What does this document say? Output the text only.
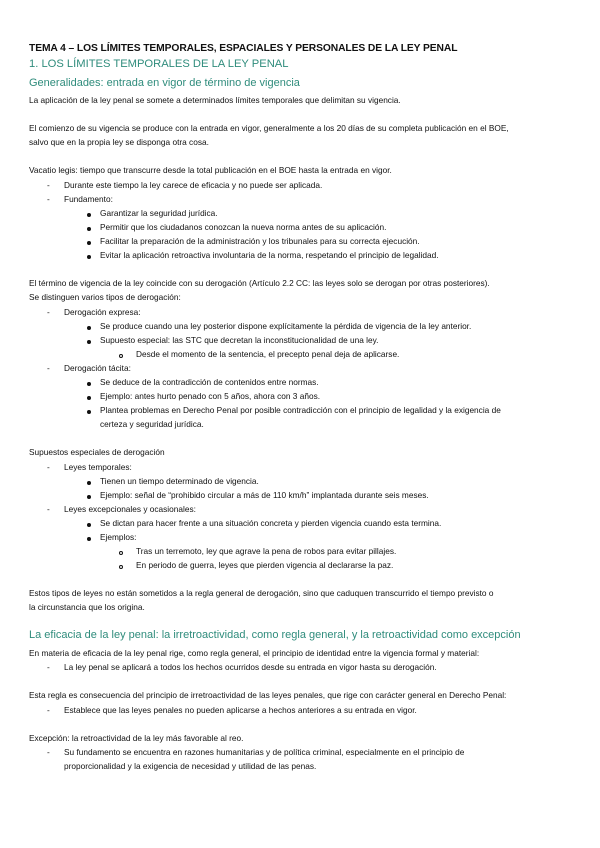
TEMA 4 – LOS LÍMITES TEMPORALES, ESPACIALES Y PERSONALES DE LA LEY PENAL
1. LOS LÍMITES TEMPORALES DE LA LEY PENAL
Generalidades: entrada en vigor de término de vigencia
La aplicación de la ley penal se somete a determinados límites temporales que delimitan su vigencia.
El comienzo de su vigencia se produce con la entrada en vigor, generalmente a los 20 días de su completa publicación en el BOE,
salvo que en la propia ley se disponga otra cosa.
Vacatio legis: tiempo que transcurre desde la total publicación en el BOE hasta la entrada en vigor.
- Durante este tiempo la ley carece de eficacia y no puede ser aplicada.
- Fundamento:
Garantizar la seguridad jurídica.
Permitir que los ciudadanos conozcan la nueva norma antes de su aplicación.
Facilitar la preparación de la administración y los tribunales para su correcta ejecución.
Evitar la aplicación retroactiva involuntaria de la norma, respetando el principio de legalidad.
El término de vigencia de la ley coincide con su derogación (Artículo 2.2 CC: las leyes solo se derogan por otras posteriores).
Se distinguen varios tipos de derogación:
- Derogación expresa:
Se produce cuando una ley posterior dispone explícitamente la pérdida de vigencia de la ley anterior.
Supuesto especial: las STC que decretan la inconstitucionalidad de una ley.
Desde el momento de la sentencia, el precepto penal deja de aplicarse.
- Derogación tácita:
Se deduce de la contradicción de contenidos entre normas.
Ejemplo: antes hurto penado con 5 años, ahora con 3 años.
Plantea problemas en Derecho Penal por posible contradicción con el principio de legalidad y la exigencia de
certeza y seguridad jurídica.
Supuestos especiales de derogación
- Leyes temporales:
Tienen un tiempo determinado de vigencia.
Ejemplo: señal de “prohibido circular a más de 110 km/h” implantada durante seis meses.
- Leyes excepcionales y ocasionales:
Se dictan para hacer frente a una situación concreta y pierden vigencia cuando esta termina.
Ejemplos:
Tras un terremoto, ley que agrave la pena de robos para evitar pillajes.
En periodo de guerra, leyes que pierden vigencia al declararse la paz.
Estos tipos de leyes no están sometidos a la regla general de derogación, sino que caduquen transcurrido el tiempo previsto o
la circunstancia que los origina.
La eficacia de la ley penal: la irretroactividad, como regla general, y la retroactividad como excepción
En materia de eficacia de la ley penal rige, como regla general, el principio de identidad entre la vigencia formal y material:
- La ley penal se aplicará a todos los hechos ocurridos desde su entrada en vigor hasta su derogación.
Esta regla es consecuencia del principio de irretroactividad de las leyes penales, que rige con carácter general en Derecho Penal:
- Establece que las leyes penales no pueden aplicarse a hechos anteriores a su entrada en vigor.
Excepción: la retroactividad de la ley más favorable al reo.
- Su fundamento se encuentra en razones humanitarias y de política criminal, especialmente en el principio de
proporcionalidad y la exigencia de necesidad y utilidad de las penas.
